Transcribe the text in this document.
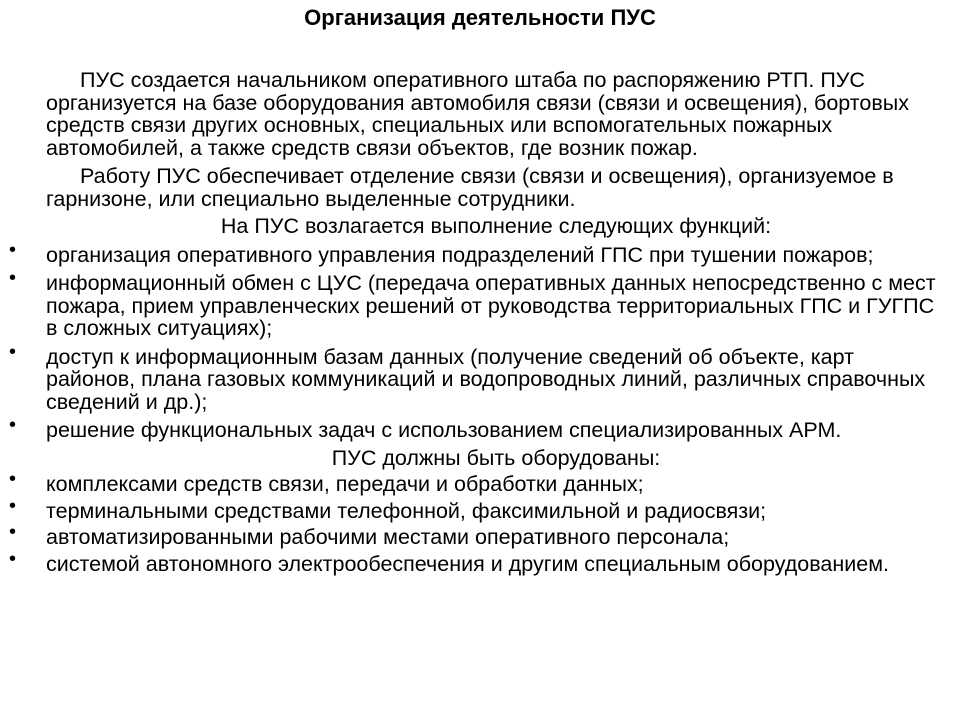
Организация деятельности ПУС

ПУС создается начальником оперативного штаба по распоряжению РТП. ПУС организуется на базе оборудования автомобиля связи (связи и освещения), бортовых средств связи других основных, специальных или вспомогательных пожарных автомобилей, а также средств связи объектов, где возник пожар.

Работу ПУС обеспечивает отделение связи (связи и освещения), организуемое в гарнизоне, или специально выделенные сотрудники.

На ПУС возлагается выполнение следующих функций:

• организация оперативного управления подразделений ГПС при тушении пожаров;
• информационный обмен с ЦУС (передача оперативных данных непосредственно с мест пожара, прием управленческих решений от руководства территориальных ГПС и ГУГПС в сложных ситуациях);
• доступ к информационным базам данных (получение сведений об объекте, карт районов, плана газовых коммуникаций и водопроводных линий, различных справочных сведений и др.);
• решение функциональных задач с использованием специализированных АРМ.

ПУС должны быть оборудованы:

• комплексами средств связи, передачи и обработки данных;
• терминальными средствами телефонной, факсимильной и радиосвязи;
• автоматизированными рабочими местами оперативного персонала;
• системой автономного электрообеспечения и другим специальным оборудованием.
